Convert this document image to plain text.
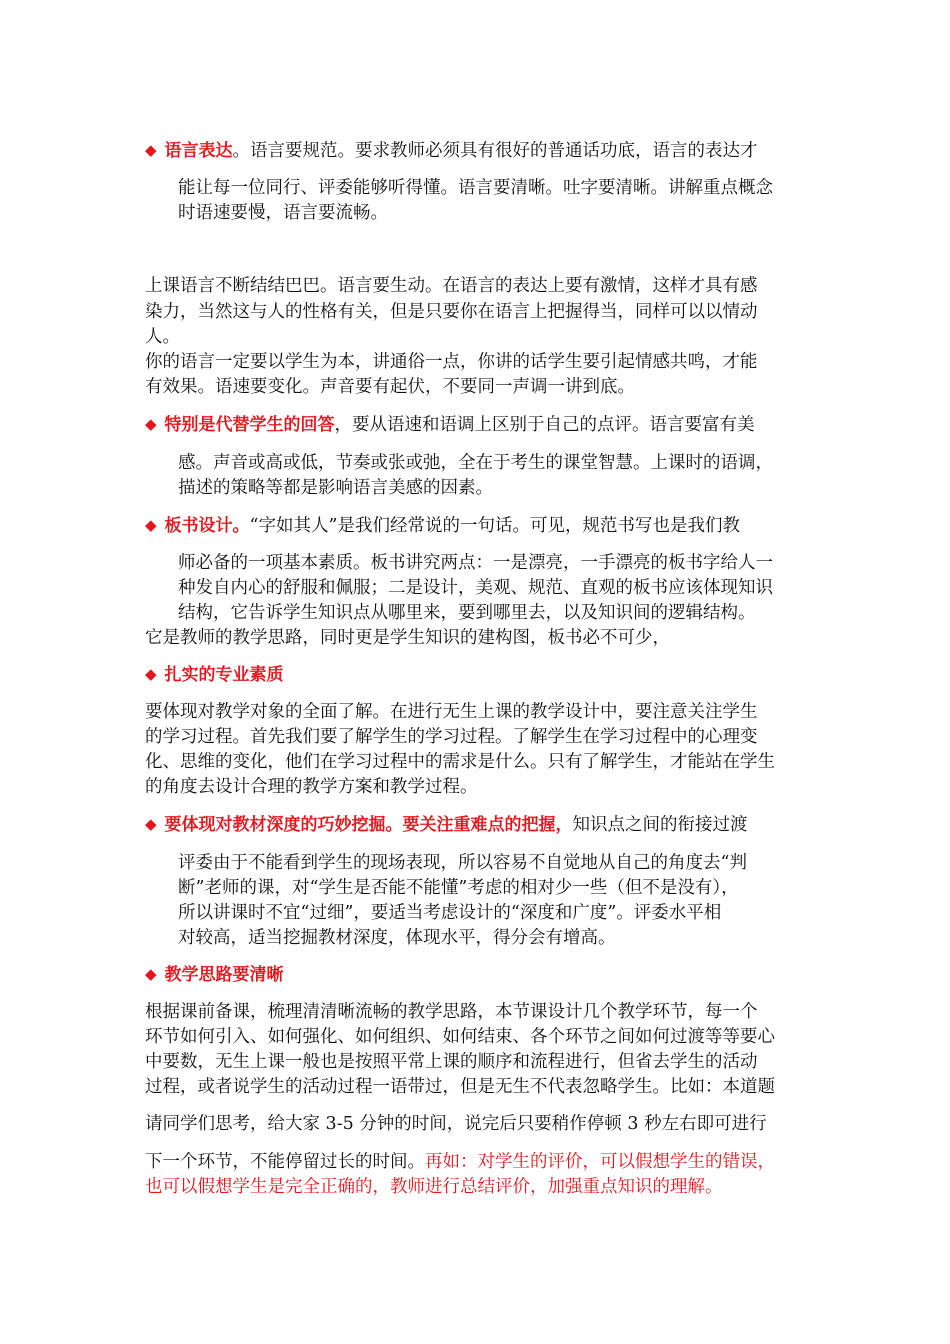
◆ 语言表达。语言要规范。要求教师必须具有很好的普通话功底，语言的表达才
能让每一位同行、评委能够听得懂。语言要清晰。吐字要清晰。讲解重点概念
时语速要慢，语言要流畅。
上课语言不断结结巴巴。语言要生动。在语言的表达上要有激情，这样才具有感
染力，当然这与人的性格有关，但是只要你在语言上把握得当，同样可以以情动
人。
你的语言一定要以学生为本，讲通俗一点，你讲的话学生要引起情感共鸣，才能
有效果。语速要变化。声音要有起伏，不要同一声调一讲到底。
◆ 特别是代替学生的回答，要从语速和语调上区别于自己的点评。语言要富有美
感。声音或高或低，节奏或张或弛，全在于考生的课堂智慧。上课时的语调，
描述的策略等都是影响语言美感的因素。
◆ 板书设计。“字如其人”是我们经常说的一句话。可见，规范书写也是我们教
师必备的一项基本素质。板书讲究两点：一是漂亮，一手漂亮的板书字给人一
种发自内心的舒服和佩服；二是设计，美观、规范、直观的板书应该体现知识
结构，它告诉学生知识点从哪里来，要到哪里去，以及知识间的逻辑结构。
它是教师的教学思路，同时更是学生知识的建构图，板书必不可少，
◆ 扎实的专业素质
要体现对教学对象的全面了解。在进行无生上课的教学设计中，要注意关注学生
的学习过程。首先我们要了解学生的学习过程。了解学生在学习过程中的心理变
化、思维的变化，他们在学习过程中的需求是什么。只有了解学生，才能站在学生
的角度去设计合理的教学方案和教学过程。
◆ 要体现对教材深度的巧妙挖掘。要关注重难点的把握，知识点之间的衔接过渡
评委由于不能看到学生的现场表现，所以容易不自觉地从自己的角度去“判
断”老师的课，对“学生是否能不能懂”考虑的相对少一些（但不是没有），
所以讲课时不宜“过细”，要适当考虑设计的“深度和广度”。评委水平相
对较高，适当挖掘教材深度，体现水平，得分会有增高。
◆ 教学思路要清晰
根据课前备课，梳理清清晰流畅的教学思路，本节课设计几个教学环节，每一个
环节如何引入、如何强化、如何组织、如何结束、各个环节之间如何过渡等等要心
中要数，无生上课一般也是按照平常上课的顺序和流程进行，但省去学生的活动
过程，或者说学生的活动过程一语带过，但是无生不代表忽略学生。比如：本道题
请同学们思考，给大家 3-5 分钟的时间，说完后只要稍作停顿 3 秒左右即可进行
下一个环节，不能停留过长的时间。再如：对学生的评价，可以假想学生的错误，
也可以假想学生是完全正确的，教师进行总结评价，加强重点知识的理解。
